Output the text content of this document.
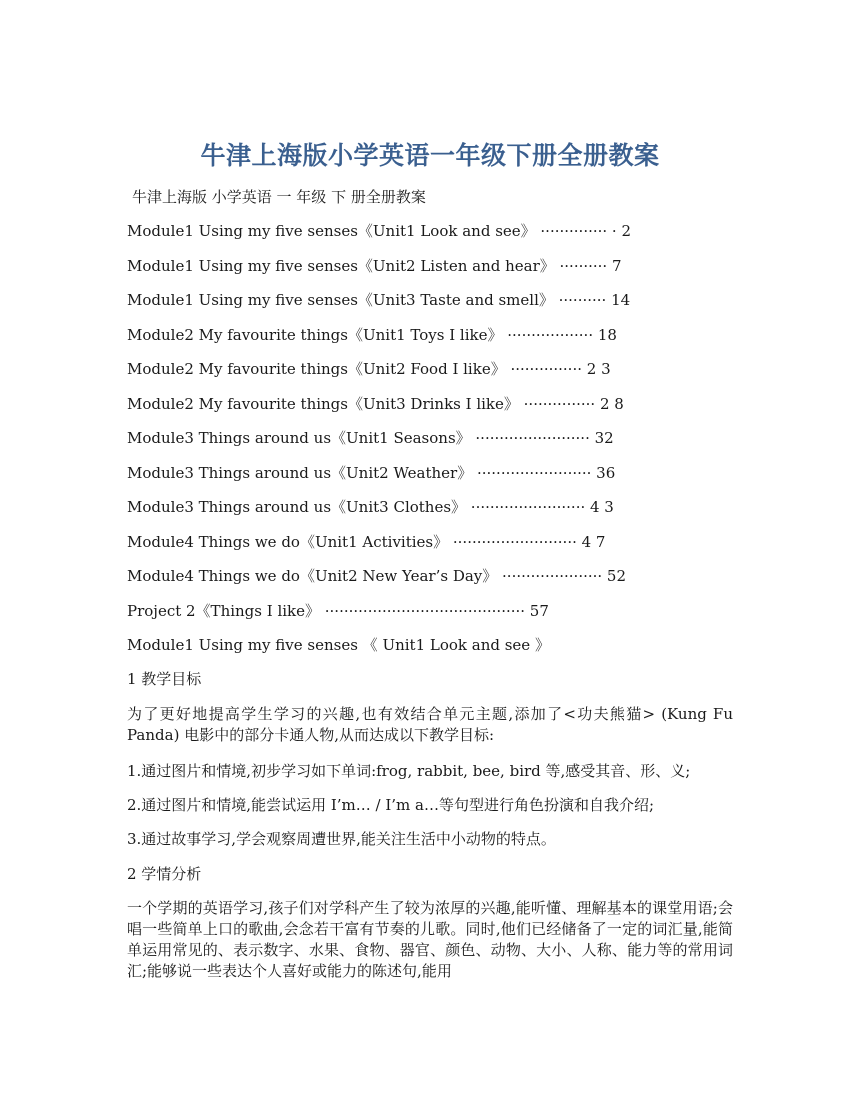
牛津上海版小学英语一年级下册全册教案
牛津上海版 小学英语 一 年级 下 册全册教案
Module1 Using my five senses《Unit1 Look and see》 ·············· · 2
Module1 Using my five senses《Unit2 Listen and hear》 ·········· 7
Module1 Using my five senses《Unit3 Taste and smell》 ·········· 14
Module2 My favourite things《Unit1 Toys I like》 ·················· 18
Module2 My favourite things《Unit2 Food I like》 ··············· 2 3
Module2 My favourite things《Unit3 Drinks I like》 ··············· 2 8
Module3 Things around us《Unit1 Seasons》 ························ 32
Module3 Things around us《Unit2 Weather》 ························ 36
Module3 Things around us《Unit3 Clothes》 ························ 4 3
Module4 Things we do《Unit1 Activities》 ·························· 4 7
Module4 Things we do《Unit2 New Year’s Day》 ····················· 52
Project 2《Things I like》 ·········································· 57
Module1 Using my five senses 《 Unit1 Look and see 》
1 教学目标
为了更好地提高学生学习的兴趣,也有效结合单元主题,添加了<功夫熊猫> (Kung Fu Panda) 电影中的部分卡通人物,从而达成以下教学目标:
1.通过图片和情境,初步学习如下单词:frog, rabbit, bee, bird 等,感受其音、形、义;
2.通过图片和情境,能尝试运用 I’m… / I’m a…等句型进行角色扮演和自我介绍;
3.通过故事学习,学会观察周遭世界,能关注生活中小动物的特点。
2 学情分析
一个学期的英语学习,孩子们对学科产生了较为浓厚的兴趣,能听懂、理解基本的课堂用语;会唱一些简单上口的歌曲,会念若干富有节奏的儿歌。同时,他们已经储备了一定的词汇量,能简单运用常见的、表示数字、水果、食物、器官、颜色、动物、大小、人称、能力等的常用词汇;能够说一些表达个人喜好或能力的陈述句,能用
